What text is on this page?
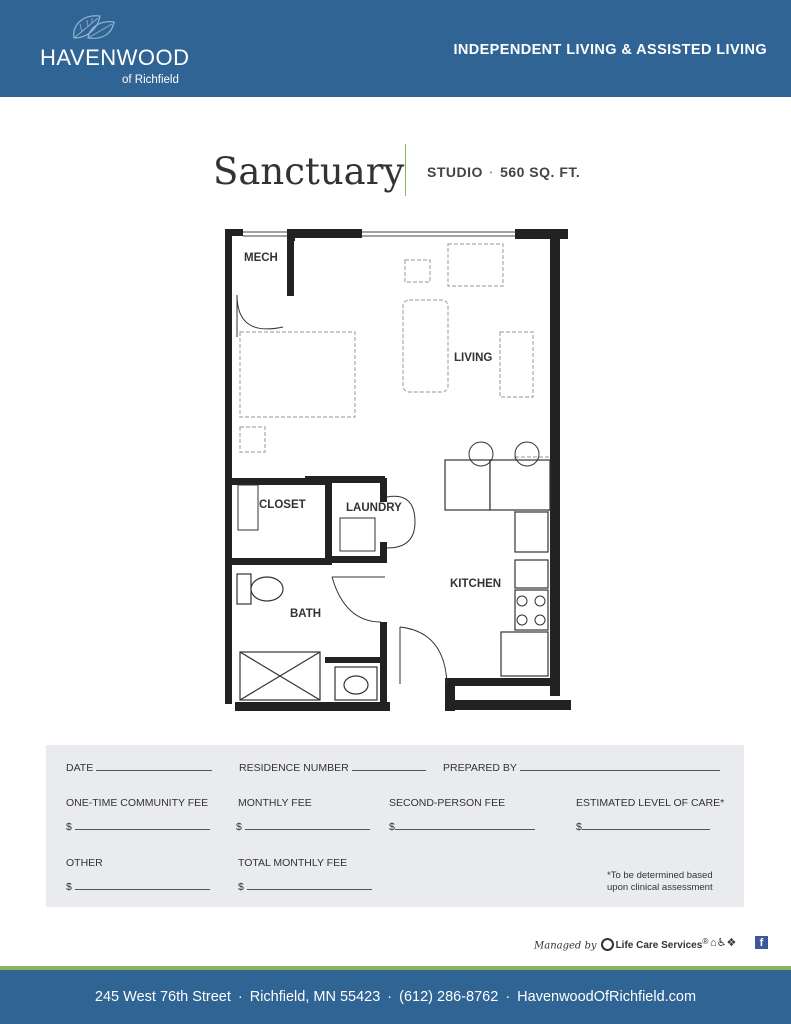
HAVENWOOD
of Richfield
INDEPENDENT LIVING & ASSISTED LIVING
Sanctuary STUDIO · 560 SQ. FT.
MECH
LIVING
CLOSET	LAUNDRY
KITCHEN
BATH
DATE	RESIDENCE NUMBER	PREPARED BY
ONE-TIME COMMUNITY FEE	MONTHLY FEE	SECOND-PERSON FEE	ESTIMATED LEVEL OF CARE*
$	$	$	$
OTHER	TOTAL MONTHLY FEE
$	$
*To be determined based upon clinical assessment
Managed by Life Care Services® ⌂♿❖	f
245 West 76th Street · Richfield, MN 55423 · (612) 286-8762 · HavenwoodOfRichfield.com
